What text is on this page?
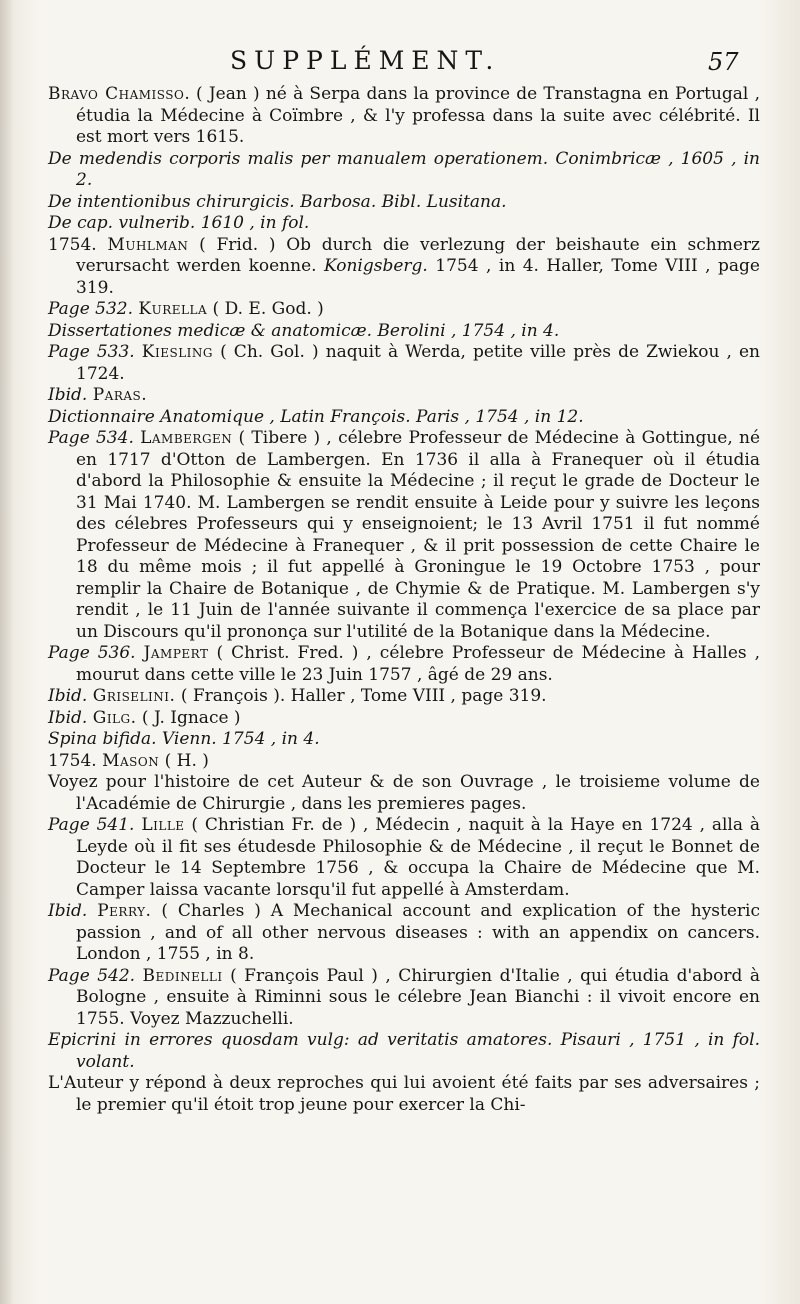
SUPPLÉMENT.	57

Bravo Chamisso. ( Jean ) né à Serpa dans la province de Transtagna en Portugal , étudia la Médecine à Coïmbre , & l'y professa dans la suite avec célébrité. Il est mort vers 1615.

De medendis corporis malis per manualem operationem. Conimbricæ , 1605 , in 2.

De intentionibus chirurgicis. Barbosa. Bibl. Lusitana.

De cap. vulnerib. 1610 , in fol.

1754. Muhlman ( Frid. ) Ob durch die verlezung der beishaute ein schmerz verursacht werden koenne. Konigsberg. 1754 , in 4. Haller, Tome VIII , page 319.

Page 532. Kurella ( D. E. God. )

Dissertationes medicæ & anatomicæ. Berolini , 1754 , in 4.

Page 533. Kiesling ( Ch. Gol. ) naquit à Werda, petite ville près de Zwiekou , en 1724.

Ibid. Paras.

Dictionnaire Anatomique , Latin François. Paris , 1754 , in 12.

Page 534. Lambergen ( Tibere ) , célebre Professeur de Médecine à Gottingue, né en 1717 d'Otton de Lambergen. En 1736 il alla à Franequer où il étudia d'abord la Philosophie & ensuite la Médecine ; il reçut le grade de Docteur le 31 Mai 1740. M. Lambergen se rendit ensuite à Leide pour y suivre les leçons des célebres Professeurs qui y enseignoient; le 13 Avril 1751 il fut nommé Professeur de Médecine à Franequer , & il prit possession de cette Chaire le 18 du même mois ; il fut appellé à Groningue le 19 Octobre 1753 , pour remplir la Chaire de Botanique , de Chymie & de Pratique. M. Lambergen s'y rendit , le 11 Juin de l'année suivante il commença l'exercice de sa place par un Discours qu'il prononça sur l'utilité de la Botanique dans la Médecine.

Page 536. Jampert ( Christ. Fred. ) , célebre Professeur de Médecine à Halles , mourut dans cette ville le 23 Juin 1757 , âgé de 29 ans.

Ibid. Griselini. ( François ). Haller , Tome VIII , page 319.

Ibid. Gilg. ( J. Ignace )

Spina bifida. Vienn. 1754 , in 4.

1754. Mason ( H. )

Voyez pour l'histoire de cet Auteur & de son Ouvrage , le troisieme volume de l'Académie de Chirurgie , dans les premieres pages.

Page 541. Lille ( Christian Fr. de ) , Médecin , naquit à la Haye en 1724 , alla à Leyde où il fit ses étudesde Philosophie & de Médecine , il reçut le Bonnet de Docteur le 14 Septembre 1756 , & occupa la Chaire de Médecine que M. Camper laissa vacante lorsqu'il fut appellé à Amsterdam.

Ibid. Perry. ( Charles ) A Mechanical account and explication of the hysteric passion , and of all other nervous diseases : with an appendix on cancers. London , 1755 , in 8.

Page 542. Bedinelli ( François Paul ) , Chirurgien d'Italie , qui étudia d'abord à Bologne , ensuite à Riminni sous le célebre Jean Bianchi : il vivoit encore en 1755. Voyez Mazzuchelli.

Epicrini in errores quosdam vulg: ad veritatis amatores. Pisauri , 1751 , in fol. volant.

L'Auteur y répond à deux reproches qui lui avoient été faits par ses adversaires ; le premier qu'il étoit trop jeune pour exercer la Chi-
